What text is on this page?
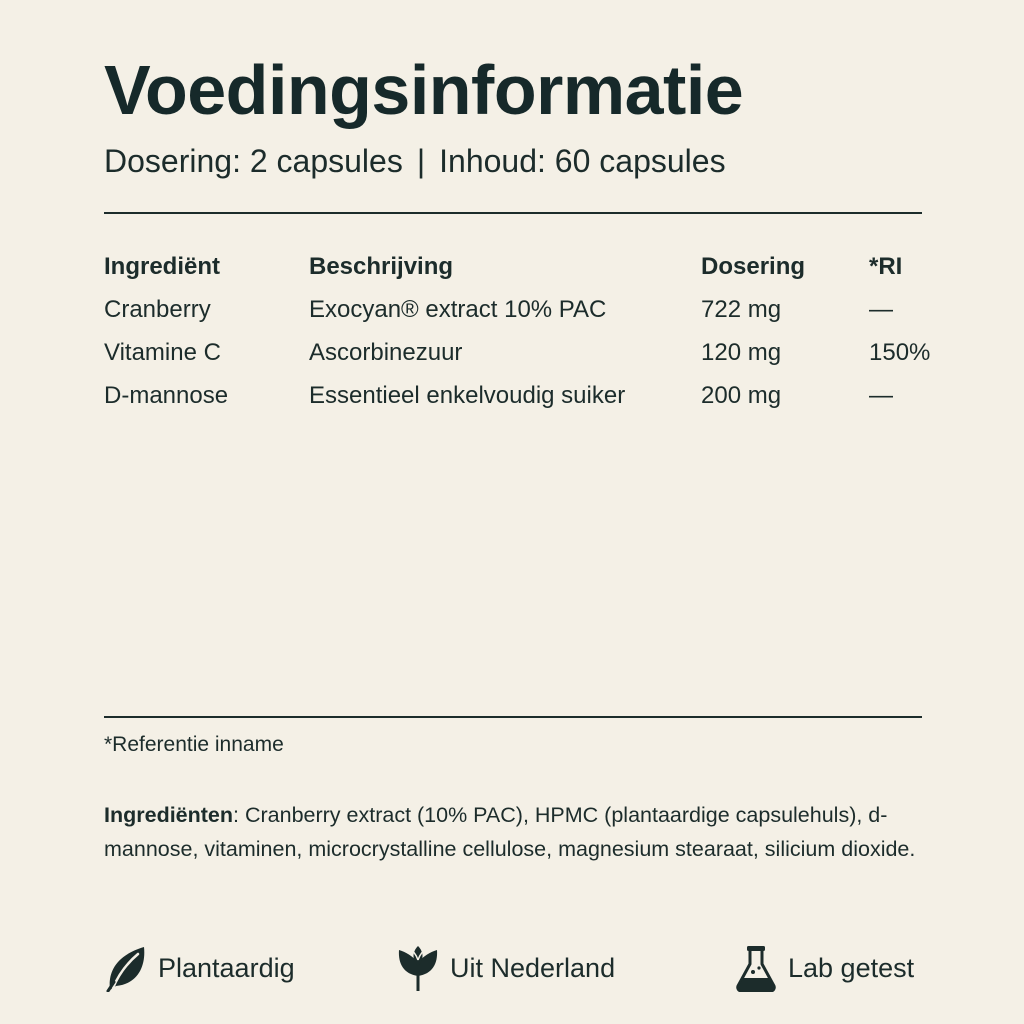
Voedingsinformatie
Dosering: 2 capsules | Inhoud: 60 capsules
Ingrediënt	Beschrijving	Dosering	*RI
Cranberry	Exocyan® extract 10% PAC	722 mg	—
Vitamine C	Ascorbinezuur	120 mg	150%
D-mannose	Essentieel enkelvoudig suiker	200 mg	—
*Referentie inname
Ingrediënten: Cranberry extract (10% PAC), HPMC (plantaardige capsulehuls), d-mannose, vitaminen, microcrystalline cellulose, magnesium stearaat, silicium dioxide.
Plantaardig	Uit Nederland	Lab getest
